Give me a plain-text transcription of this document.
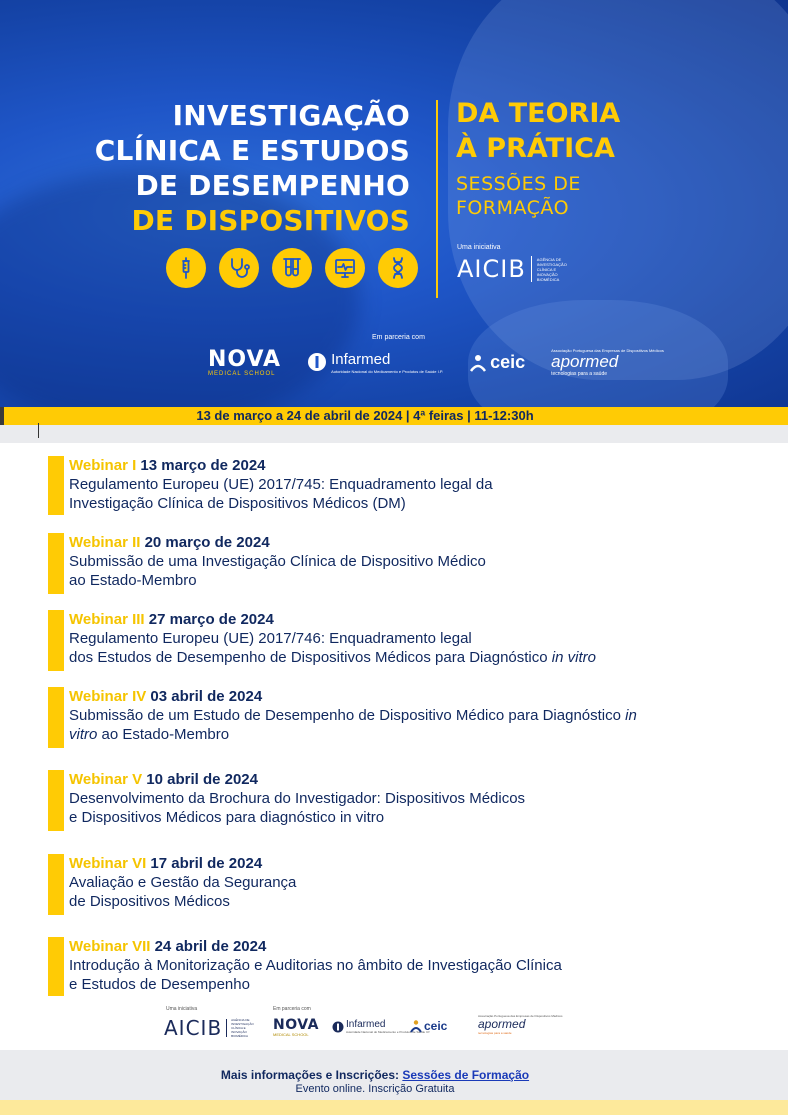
INVESTIGAÇÃO
CLÍNICA E ESTUDOS
DE DESEMPENHO
DE DISPOSITIVOS
DA TEORIA
À PRÁTICA
SESSÕES DE
FORMAÇÃO
Uma iniciativa
AICIB	AGÊNCIA DE INVESTIGAÇÃO CLÍNICA E INOVAÇÃO BIOMÉDICA
Em parceria com
NOVA
MEDICAL SCHOOL
Infarmed
Autoridade Nacional do Medicamento e Produtos de Saúde I.P.	ceic
Associação Portuguesa das Empresas de Dispositivos Médicos
apormed
tecnologias para a saúde
13 de março a 24 de abril de 2024 | 4ª feiras | 11-12:30h
Webinar I 13 março de 2024
Regulamento Europeu (UE) 2017/745: Enquadramento legal da
Investigação Clínica de Dispositivos Médicos (DM)
Webinar II 20 março de 2024
Submissão de uma Investigação Clínica de Dispositivo Médico
ao Estado-Membro
Webinar III 27 março de 2024
Regulamento Europeu (UE) 2017/746: Enquadramento legal
dos Estudos de Desempenho de Dispositivos Médicos para Diagnóstico in vitro
Webinar IV 03 abril de 2024
Submissão de um Estudo de Desempenho de Dispositivo Médico para Diagnóstico in
vitro ao Estado-Membro
Webinar V 10 abril de 2024
Desenvolvimento da Brochura do Investigador: Dispositivos Médicos
e Dispositivos Médicos para diagnóstico in vitro
Webinar VI 17 abril de 2024
Avaliação e Gestão da Segurança
de Dispositivos Médicos
Webinar VII 24 abril de 2024
Introdução à Monitorização e Auditorias no âmbito de Investigação Clínica
e Estudos de Desempenho
Uma iniciativa
AICIB	AGÊNCIA DE INVESTIGAÇÃO CLÍNICA E INOVAÇÃO BIOMÉDICA
Em parceria com
NOVA
MEDICAL SCHOOL
Infarmed
Autoridade Nacional do Medicamento e Produtos de Saúde I.P.
ceic
Associação Portuguesa das Empresas de Dispositivos Médicos
apormed
tecnologias para a saúde
Mais informações e Inscrições: Sessões de Formação
Evento online. Inscrição Gratuita
